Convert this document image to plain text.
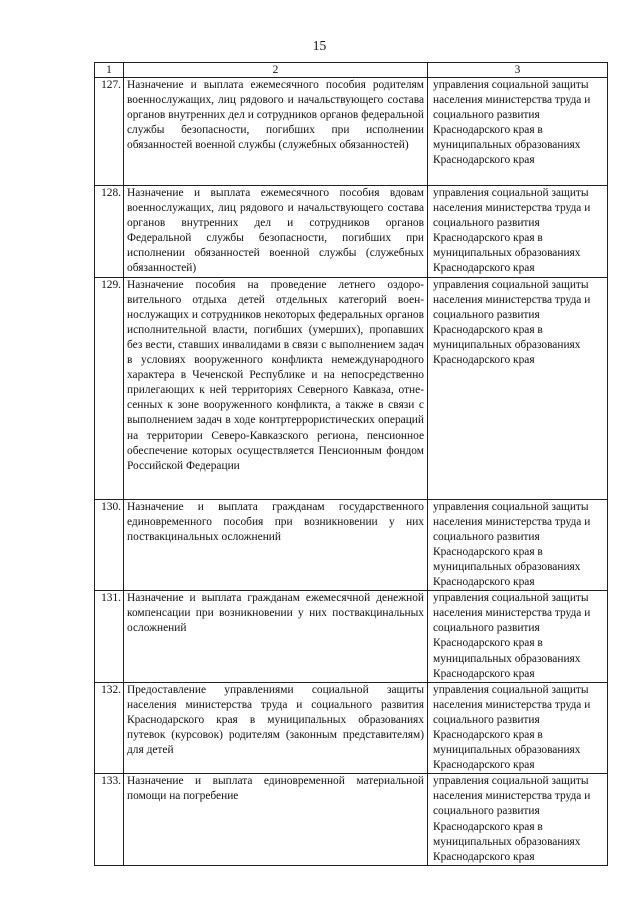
15
1	2	3
127.	Назначение и выплата ежемесячного пособия родителям военнослужащих, лиц рядового и начальствующего состава органов внутренних дел и сотрудников органов федеральной службы безопасности, погибших при исполнении обязанностей военной службы (служебных обязанностей)	управления социальной защиты населения министерства труда и социального развития Краснодарского края в муниципальных образованиях Краснодарского края
128.	Назначение и выплата ежемесячного пособия вдовам военнослужащих, лиц рядового и начальствующего состава органов внутренних дел и сотрудников органов Федеральной службы безопасности, погибших при исполнении обязанностей военной службы (служебных обязанностей)	управления социальной защиты населения министерства труда и социального развития Краснодарского края в муниципальных образованиях Краснодарского края
129.	Назначение пособия на проведение летнего оздоровительного отдыха детей отдельных категорий военнослужащих и сотрудников некоторых федеральных органов исполнительной власти, погибших (умерших), пропавших без вести, ставших инвалидами в связи с выполнением задач в условиях вооруженного конфликта немеждународного характера в Чеченской Республике и на непосредственно прилегающих к ней территориях Северного Кавказа, отнесенных к зоне вооруженного конфликта, а также в связи с выполнением задач в ходе контртеррористических операций на территории Северо-Кавказского региона, пенсионное обеспечение которых осуществляется Пенсионным фондом Российской Федерации	управления социальной защиты населения министерства труда и социального развития Краснодарского края в муниципальных образованиях Краснодарского края
130.	Назначение и выплата гражданам государственного единовременного пособия при возникновении у них поствакцинальных осложнений	управления социальной защиты населения министерства труда и социального развития Краснодарского края в муниципальных образованиях Краснодарского края
131.	Назначение и выплата гражданам ежемесячной денежной компенсации при возникновении у них поствакцинальных осложнений	управления социальной защиты населения министерства труда и социального развития Краснодарского края в муниципальных образованиях Краснодарского края
132.	Предоставление управлениями социальной защиты населения министерства труда и социального развития Краснодарского края в муниципальных образованиях путевок (курсовок) родителям (законным представителям) для детей	управления социальной защиты населения министерства труда и социального развития Краснодарского края в муниципальных образованиях Краснодарского края
133.	Назначение и выплата единовременной материальной помощи на погребение	управления социальной защиты населения министерства труда и социального развития Краснодарского края в муниципальных образованиях Краснодарского края
